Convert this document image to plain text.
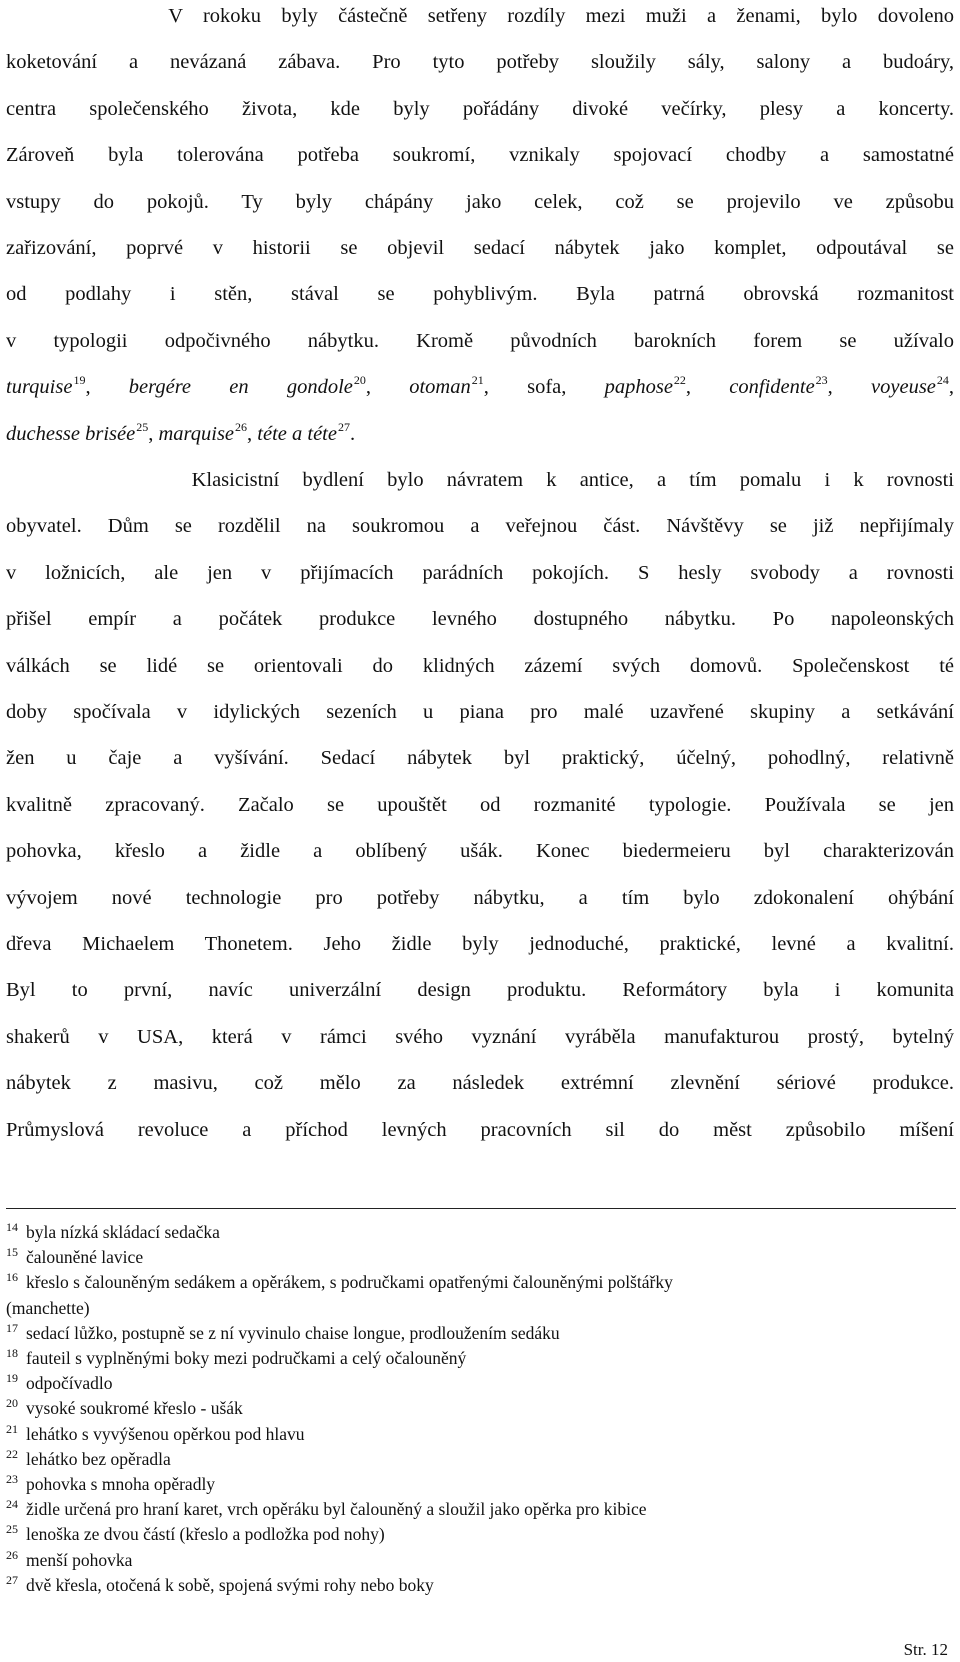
V rokoku byly částečně setřeny rozdíly mezi muži a ženami, bylo dovoleno
koketování a nevázaná zábava. Pro tyto potřeby sloužily sály, salony a budoáry,
centra společenského života, kde byly pořádány divoké večírky, plesy a koncerty.
Zároveň byla tolerována potřeba soukromí, vznikaly spojovací chodby a samostatné
vstupy do pokojů. Ty byly chápány jako celek, což se projevilo ve způsobu
zařizování, poprvé v historii se objevil sedací nábytek jako komplet, odpoutával se
od podlahy i stěn, stával se pohyblivým. Byla patrná obrovská rozmanitost
v typologii odpočivného nábytku. Kromě původních barokních forem se užívalo
turquise$^{19}$, bergére en gondole$^{20}$, otoman$^{21}$, sofa, paphose$^{22}$, confidente$^{23}$, voyeuse$^{24}$,
duchesse brisée$^{25}$, marquise$^{26}$, téte a téte$^{27}$.
Klasicistní bydlení bylo návratem k antice, a tím pomalu i k rovnosti
obyvatel. Dům se rozdělil na soukromou a veřejnou část. Návštěvy se již nepřijímaly
v ložnicích, ale jen v přijímacích parádních pokojích. S hesly svobody a rovnosti
přišel empír a počátek produkce levného dostupného nábytku. Po napoleonských
válkách se lidé se orientovali do klidných zázemí svých domovů. Společenskost té
doby spočívala v idylických sezeních u piana pro malé uzavřené skupiny a setkávání
žen u čaje a vyšívání. Sedací nábytek byl praktický, účelný, pohodlný, relativně
kvalitně zpracovaný. Začalo se upouštět od rozmanité typologie. Používala se jen
pohovka, křeslo a židle a oblíbený ušák. Konec biedermeieru byl charakterizován
vývojem nové technologie pro potřeby nábytku, a tím bylo zdokonalení ohýbání
dřeva Michaelem Thonetem. Jeho židle byly jednoduché, praktické, levné a kvalitní.
Byl to první, navíc univerzální design produktu. Reformátory byla i komunita
shakerů v USA, která v rámci svého vyznání vyráběla manufakturou prostý, bytelný
nábytek z masivu, což mělo za následek extrémní zlevnění sériové produkce.
Průmyslová revoluce a příchod levných pracovních sil do měst způsobilo míšení
14 byla nízká skládací sedačka
15 čalouněné lavice
16 křeslo s čalouněným sedákem a opěrákem, s područkami opatřenými čalouněnými polštářky
(manchette)
17 sedací lůžko, postupně se z ní vyvinulo chaise longue, prodloužením sedáku
18 fauteil s vyplněnými boky mezi područkami a celý očalouněný
19 odpočívadlo
20 vysoké soukromé křeslo - ušák
21 lehátko s vyvýšenou opěrkou pod hlavu
22 lehátko bez opěradla
23 pohovka s mnoha opěradly
24 židle určená pro hraní karet, vrch opěráku byl čalouněný a sloužil jako opěrka pro kibice
25 lenoška ze dvou částí (křeslo a podložka pod nohy)
26 menší pohovka
27 dvě křesla, otočená k sobě, spojená svými rohy nebo boky
Str. 12
